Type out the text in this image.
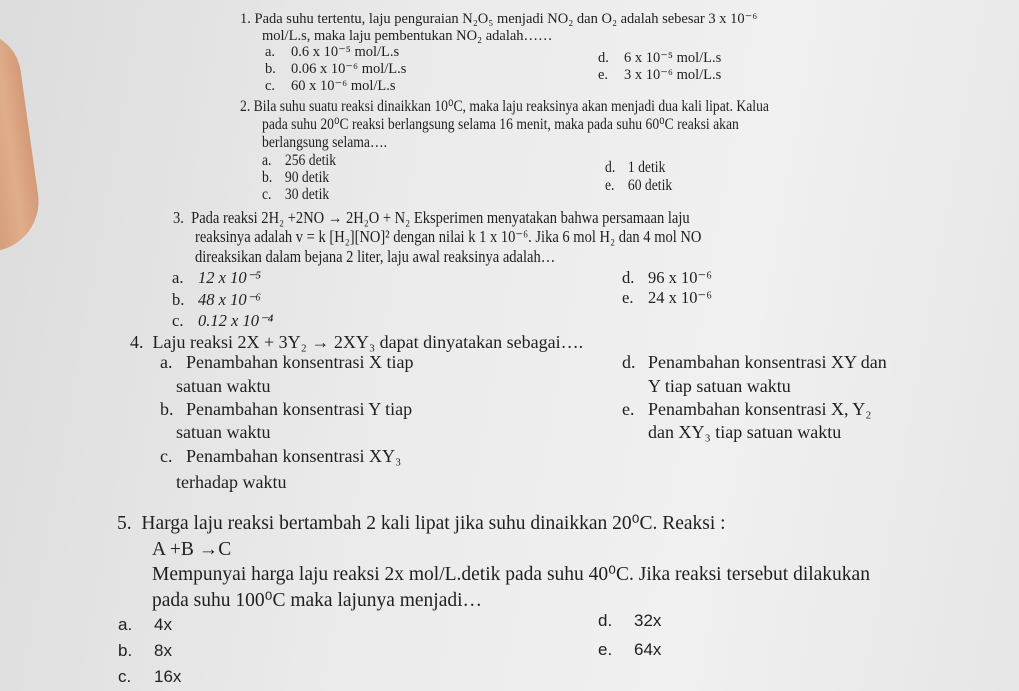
1. Pada suhu tertentu, laju penguraian N₂O₅ menjadi NO₂ dan O₂ adalah sebesar 3 x 10⁻⁶
mol/L.s, maka laju pembentukan NO₂ adalah……
a. 0.6 x 10⁻⁵ mol/L.s
b. 0.06 x 10⁻⁶ mol/L.s
c. 60 x 10⁻⁶ mol/L.s
d. 6 x 10⁻⁵ mol/L.s
e. 3 x 10⁻⁶ mol/L.s
2. Bila suhu suatu reaksi dinaikkan 10⁰C, maka laju reaksinya akan menjadi dua kali lipat. Kalua
pada suhu 20⁰C reaksi berlangsung selama 16 menit, maka pada suhu 60⁰C reaksi akan
berlangsung selama….
a. 256 detik
b. 90 detik
c. 30 detik
d. 1 detik
e. 60 detik
3. Pada reaksi 2H₂ +2NO → 2H₂O + N₂ Eksperimen menyatakan bahwa persamaan laju
reaksinya adalah v = k [H₂][NO]² dengan nilai k 1 x 10⁻⁶. Jika 6 mol H₂ dan 4 mol NO
direaksikan dalam bejana 2 liter, laju awal reaksinya adalah…
a. 12 x 10⁻⁵
b. 48 x 10⁻⁶
c. 0.12 x 10⁻⁴
d. 96 x 10⁻⁶
e. 24 x 10⁻⁶
4. Laju reaksi 2X + 3Y₂ → 2XY₃ dapat dinyatakan sebagai….
a. Penambahan konsentrasi X tiap
satuan waktu
b. Penambahan konsentrasi Y tiap
satuan waktu
c. Penambahan konsentrasi XY₃
terhadap waktu
d. Penambahan konsentrasi XY dan
Y tiap satuan waktu
e. Penambahan konsentrasi X, Y₂
dan XY₃ tiap satuan waktu
5. Harga laju reaksi bertambah 2 kali lipat jika suhu dinaikkan 20⁰C. Reaksi :
A +B →C
Mempunyai harga laju reaksi 2x mol/L.detik pada suhu 40⁰C. Jika reaksi tersebut dilakukan
pada suhu 100⁰C maka lajunya menjadi…
a. 4x
b. 8x
c. 16x
d. 32x
e. 64x
